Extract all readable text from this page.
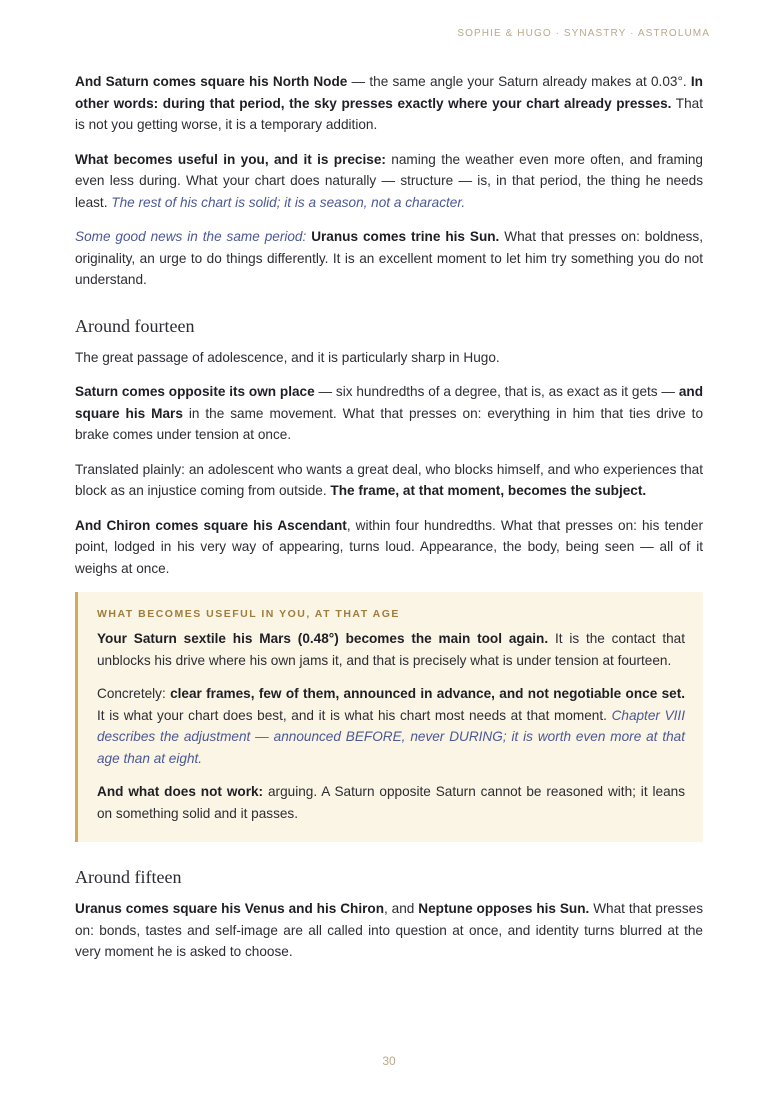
SOPHIE & HUGO · SYNASTRY · ASTROLUMA

And Saturn comes square his North Node — the same angle your Saturn already makes at 0.03°. In other words: during that period, the sky presses exactly where your chart already presses. That is not you getting worse, it is a temporary addition.

What becomes useful in you, and it is precise: naming the weather even more often, and framing even less during. What your chart does naturally — structure — is, in that period, the thing he needs least. The rest of his chart is solid; it is a season, not a character.

Some good news in the same period: Uranus comes trine his Sun. What that presses on: boldness, originality, an urge to do things differently. It is an excellent moment to let him try something you do not understand.

Around fourteen

The great passage of adolescence, and it is particularly sharp in Hugo.

Saturn comes opposite its own place — six hundredths of a degree, that is, as exact as it gets — and square his Mars in the same movement. What that presses on: everything in him that ties drive to brake comes under tension at once.

Translated plainly: an adolescent who wants a great deal, who blocks himself, and who experiences that block as an injustice coming from outside. The frame, at that moment, becomes the subject.

And Chiron comes square his Ascendant, within four hundredths. What that presses on: his tender point, lodged in his very way of appearing, turns loud. Appearance, the body, being seen — all of it weighs at once.

WHAT BECOMES USEFUL IN YOU, AT THAT AGE

Your Saturn sextile his Mars (0.48°) becomes the main tool again. It is the contact that unblocks his drive where his own jams it, and that is precisely what is under tension at fourteen.

Concretely: clear frames, few of them, announced in advance, and not negotiable once set. It is what your chart does best, and it is what his chart most needs at that moment. Chapter VIII describes the adjustment — announced BEFORE, never DURING; it is worth even more at that age than at eight.

And what does not work: arguing. A Saturn opposite Saturn cannot be reasoned with; it leans on something solid and it passes.

Around fifteen

Uranus comes square his Venus and his Chiron, and Neptune opposes his Sun. What that presses on: bonds, tastes and self-image are all called into question at once, and identity turns blurred at the very moment he is asked to choose.

30
